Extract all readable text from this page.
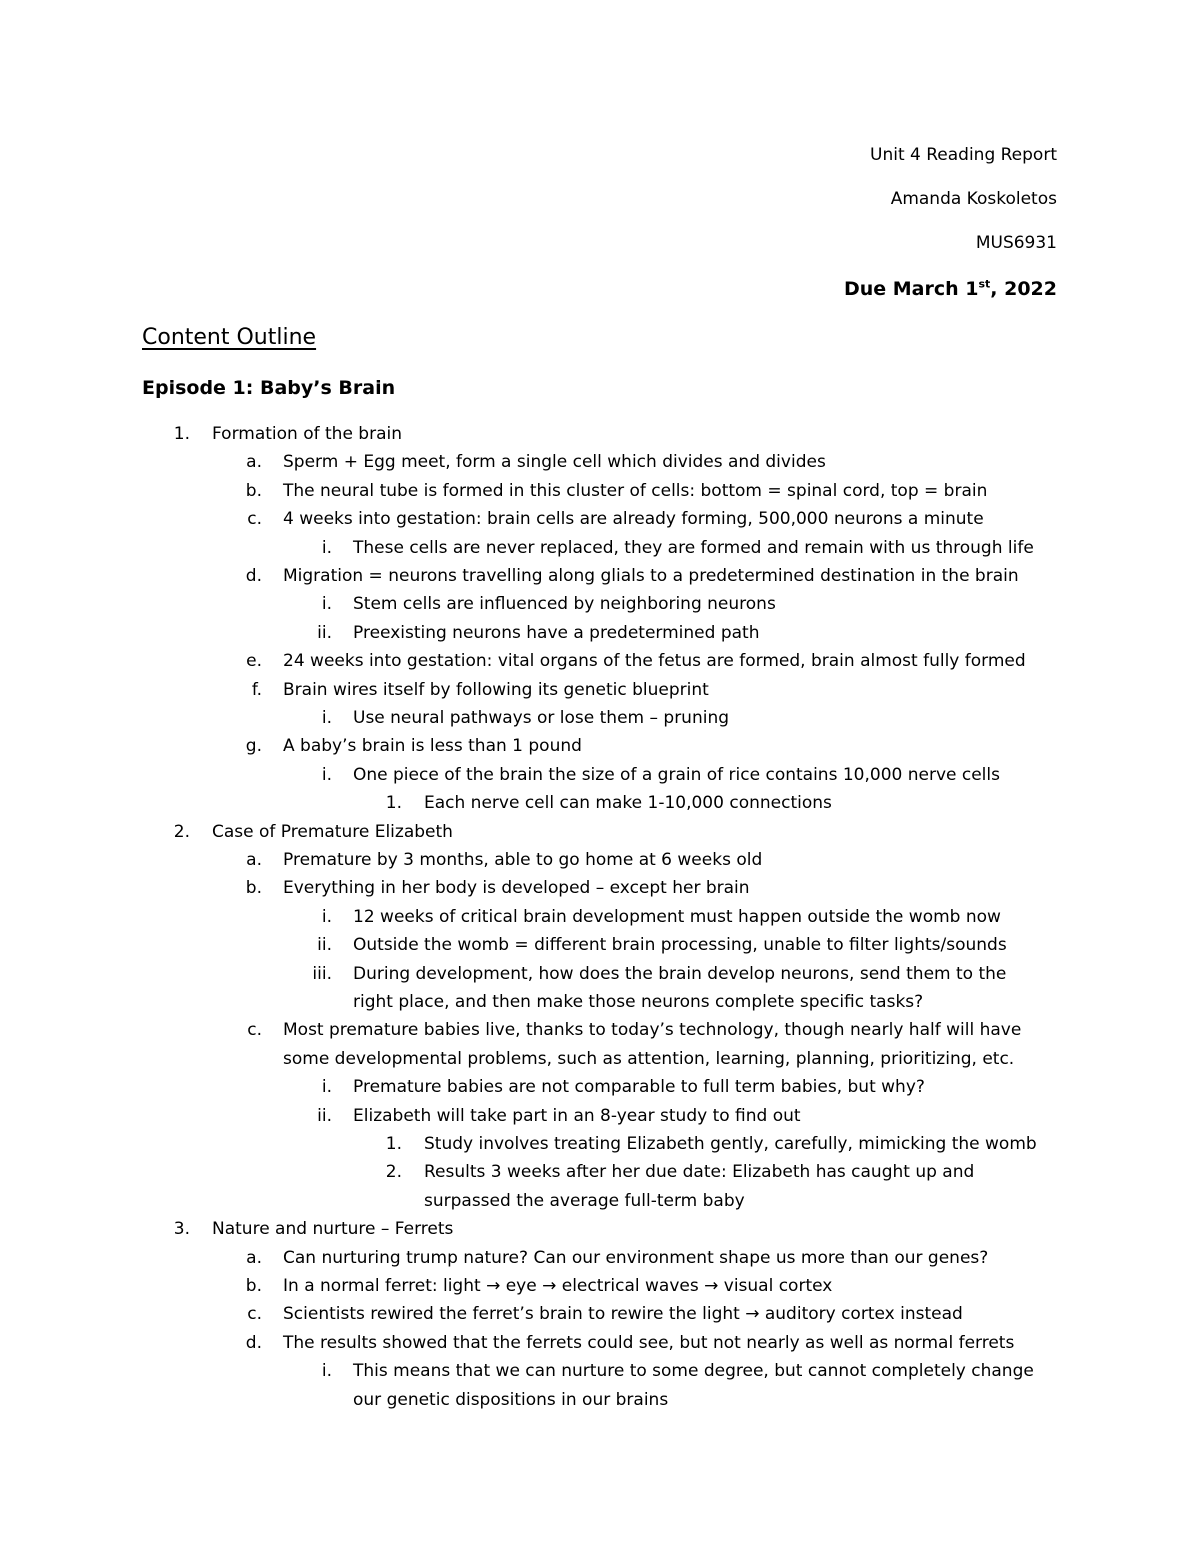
Unit 4 Reading Report
Amanda Koskoletos
MUS6931
Due March 1st, 2022
Content Outline
Episode 1: Baby’s Brain
1. Formation of the brain
a. Sperm + Egg meet, form a single cell which divides and divides
b. The neural tube is formed in this cluster of cells: bottom = spinal cord, top = brain
c. 4 weeks into gestation: brain cells are already forming, 500,000 neurons a minute
i. These cells are never replaced, they are formed and remain with us through life
d. Migration = neurons travelling along glials to a predetermined destination in the brain
i. Stem cells are influenced by neighboring neurons
ii. Preexisting neurons have a predetermined path
e. 24 weeks into gestation: vital organs of the fetus are formed, brain almost fully formed
f. Brain wires itself by following its genetic blueprint
i. Use neural pathways or lose them – pruning
g. A baby’s brain is less than 1 pound
i. One piece of the brain the size of a grain of rice contains 10,000 nerve cells
1. Each nerve cell can make 1-10,000 connections
2. Case of Premature Elizabeth
a. Premature by 3 months, able to go home at 6 weeks old
b. Everything in her body is developed – except her brain
i. 12 weeks of critical brain development must happen outside the womb now
ii. Outside the womb = different brain processing, unable to filter lights/sounds
iii. During development, how does the brain develop neurons, send them to the
right place, and then make those neurons complete specific tasks?
c. Most premature babies live, thanks to today’s technology, though nearly half will have
some developmental problems, such as attention, learning, planning, prioritizing, etc.
i. Premature babies are not comparable to full term babies, but why?
ii. Elizabeth will take part in an 8-year study to find out
1. Study involves treating Elizabeth gently, carefully, mimicking the womb
2. Results 3 weeks after her due date: Elizabeth has caught up and
surpassed the average full-term baby
3. Nature and nurture – Ferrets
a. Can nurturing trump nature? Can our environment shape us more than our genes?
b. In a normal ferret: light → eye → electrical waves → visual cortex
c. Scientists rewired the ferret’s brain to rewire the light → auditory cortex instead
d. The results showed that the ferrets could see, but not nearly as well as normal ferrets
i. This means that we can nurture to some degree, but cannot completely change
our genetic dispositions in our brains
